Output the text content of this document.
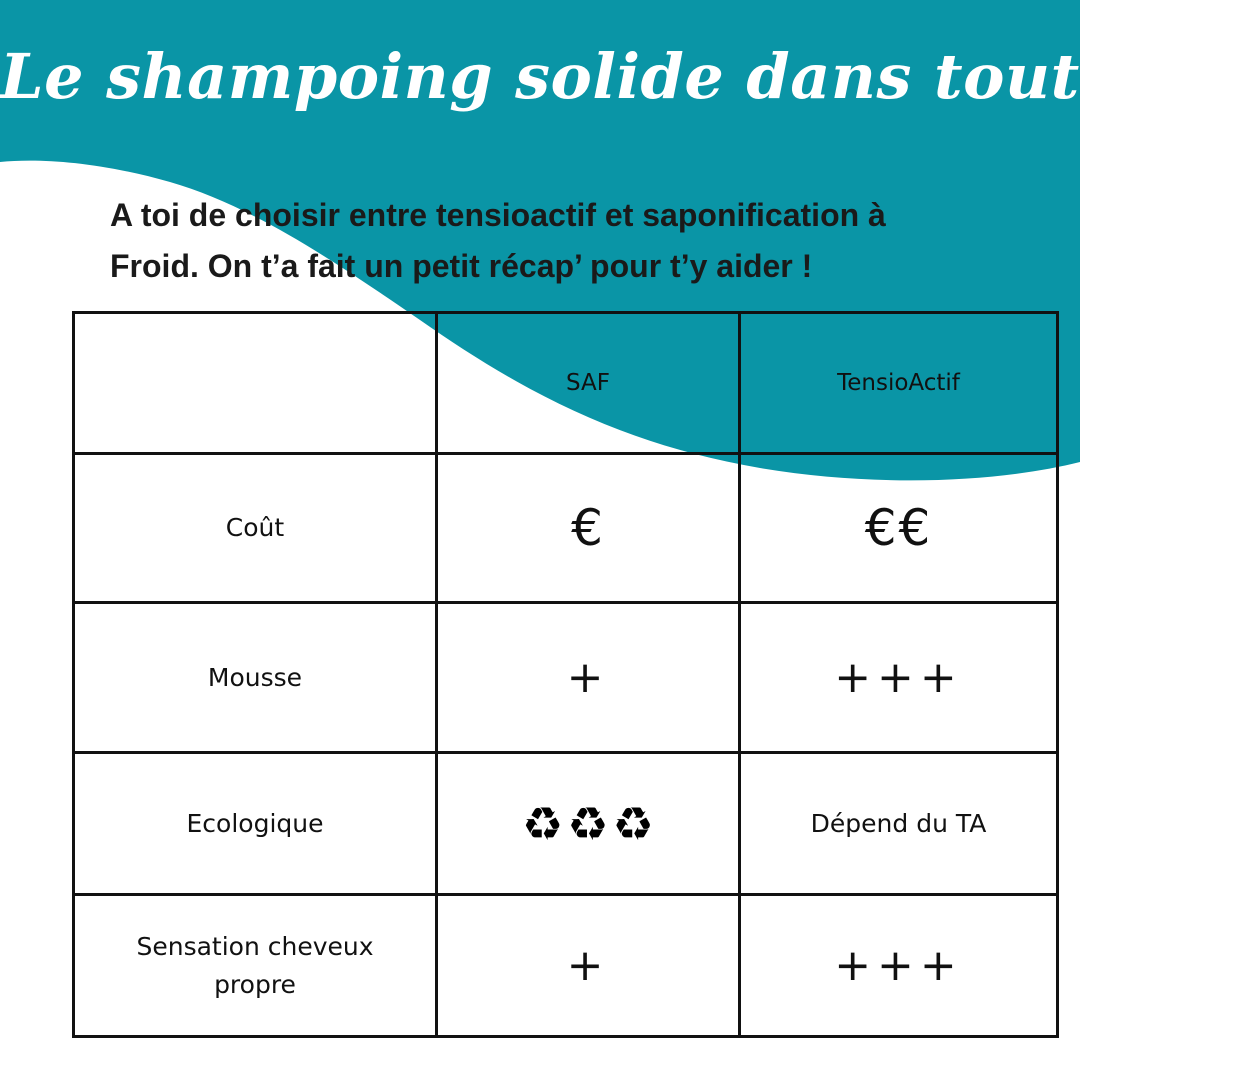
Le shampoing solide dans tout ça ?
A toi de choisir entre tensioactif et saponification à
Froid. On t’a fait un petit récap’ pour t’y aider !
	SAF	TensioActif
Coût	€	€€
Mousse	+	+++
Ecologique	♻ ♻ ♻	Dépend du TA

Sensation cheveux
propre	+	+++
